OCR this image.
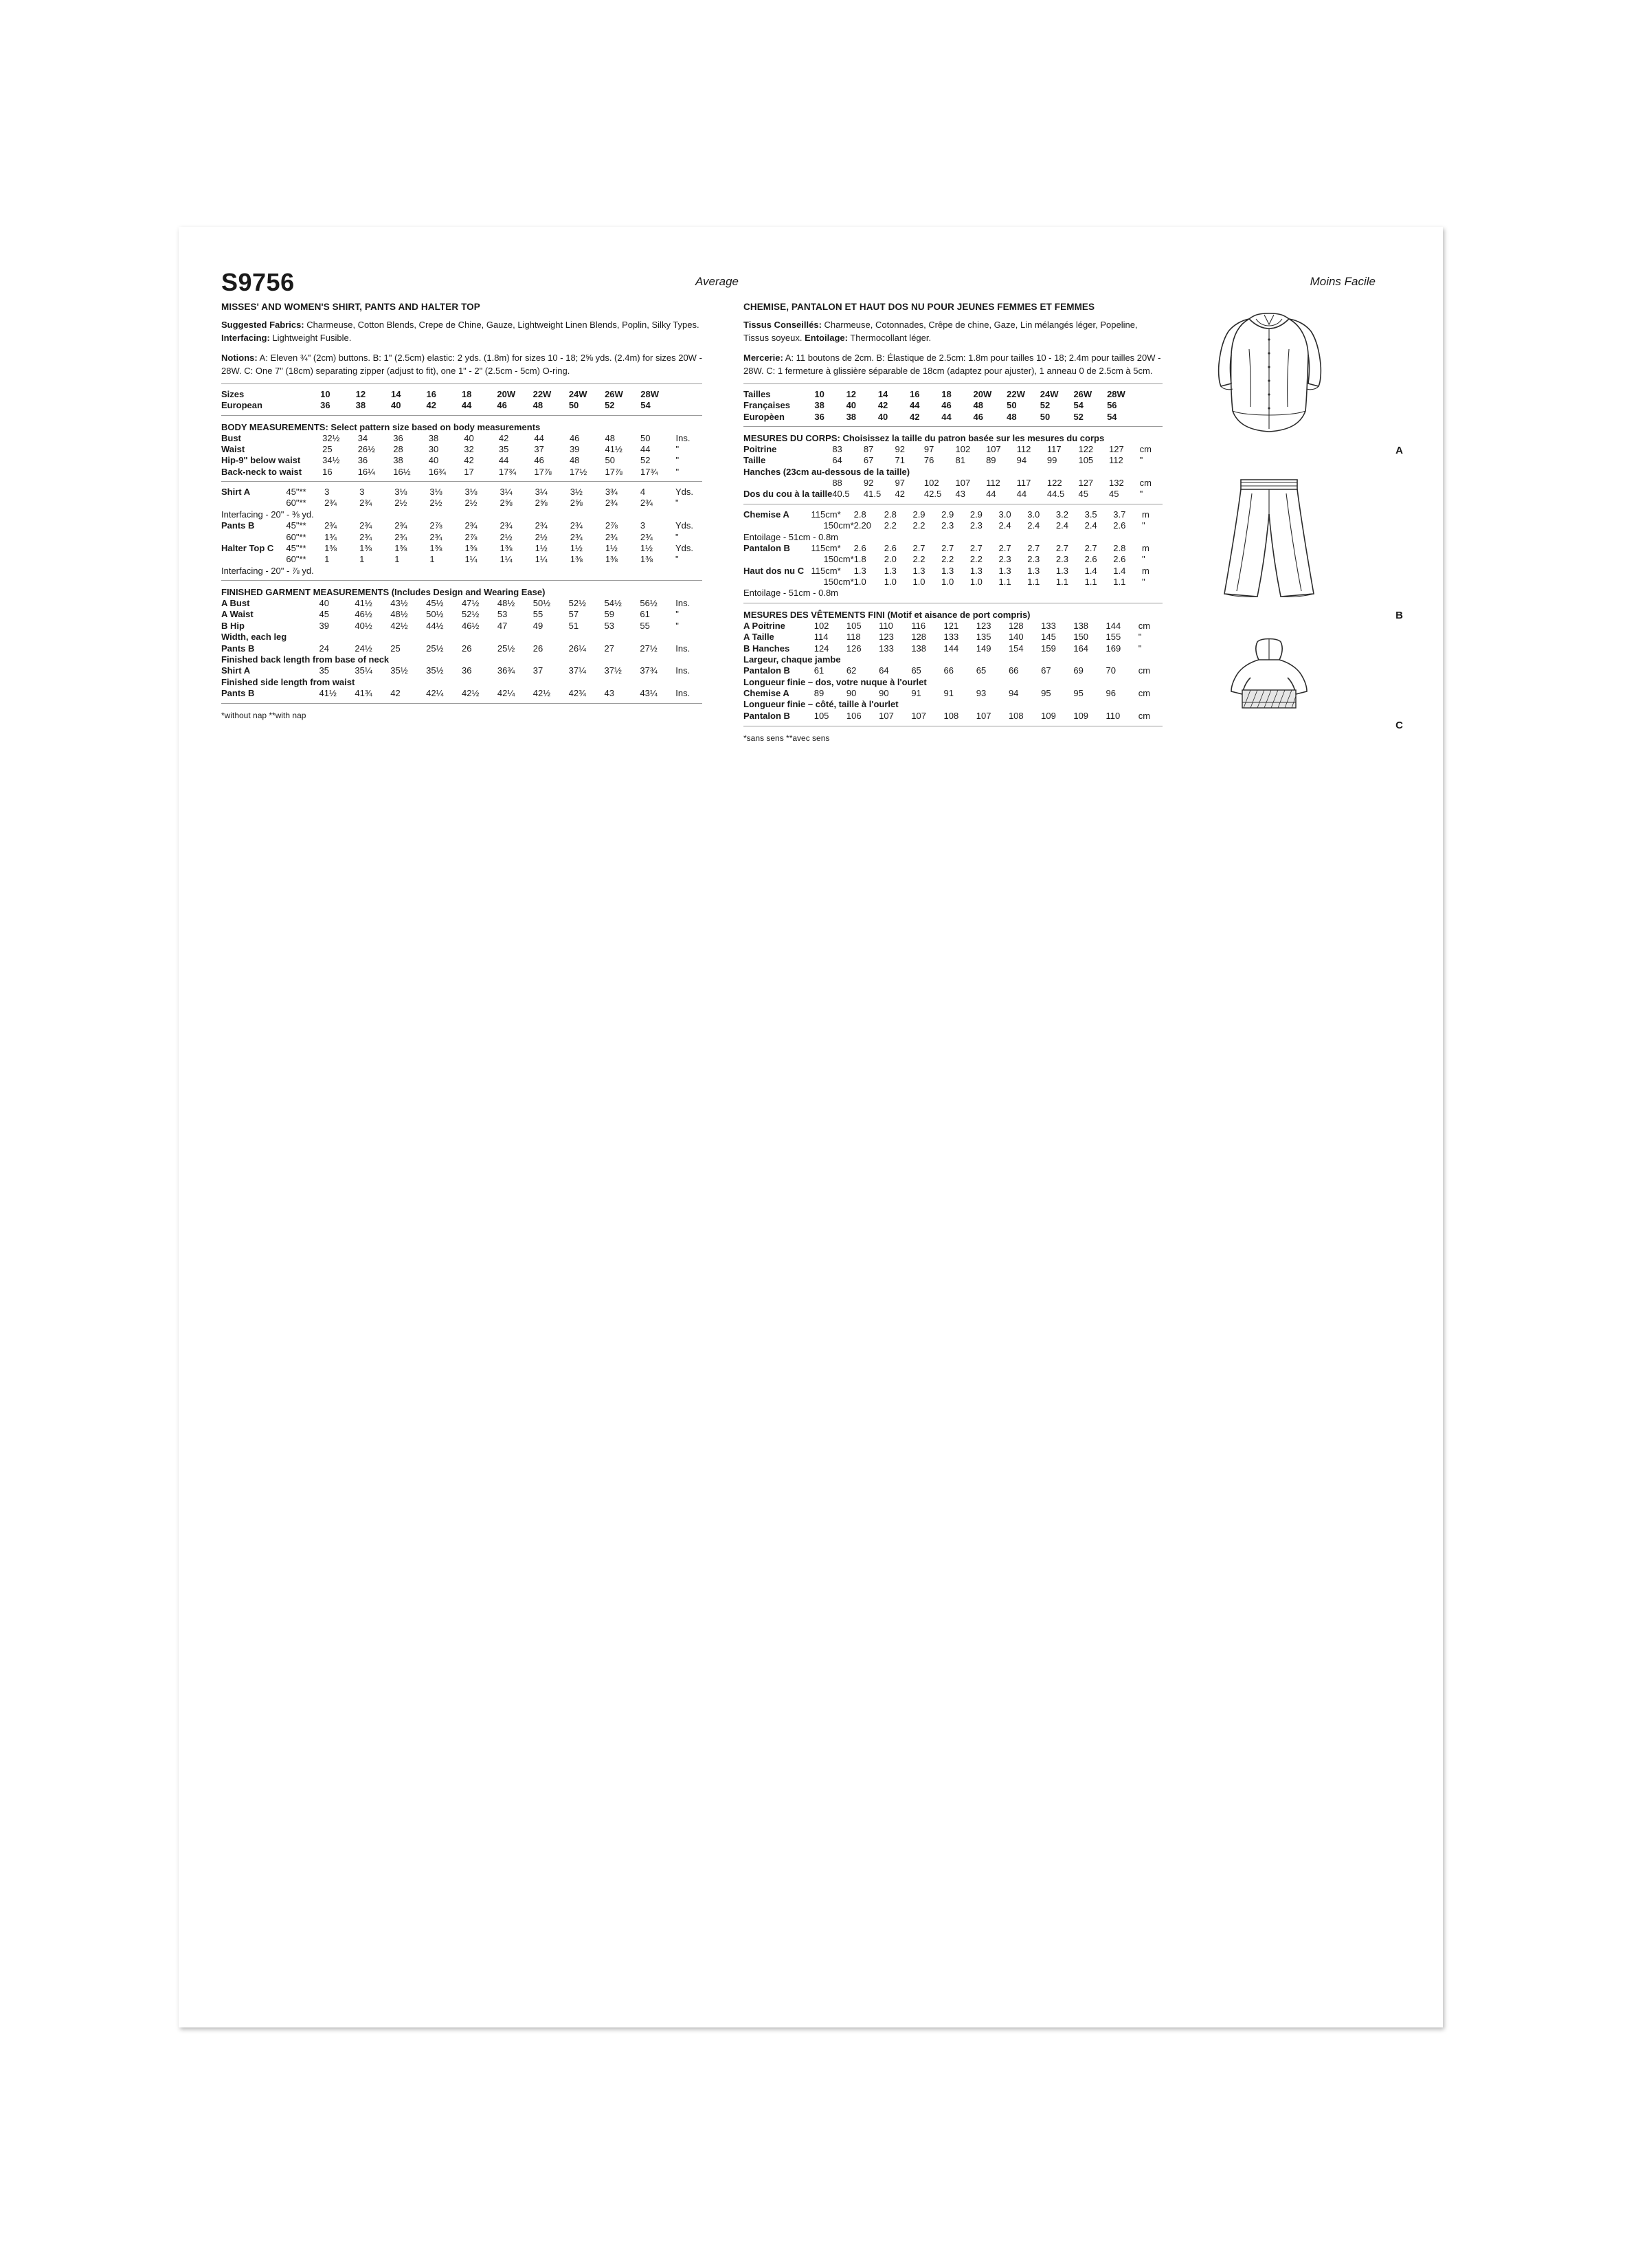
S9756	Average	Moins Facile
MISSES' AND WOMEN'S SHIRT, PANTS AND HALTER TOP

Suggested Fabrics: Charmeuse, Cotton Blends, Crepe de Chine, Gauze, Lightweight Linen Blends, Poplin, Silky Types. Interfacing: Lightweight Fusible.

Notions: A: Eleven ¾" (2cm) buttons. B: 1" (2.5cm) elastic: 2 yds. (1.8m) for sizes 10 - 18; 2⅝ yds. (2.4m) for sizes 20W - 28W. C: One 7" (18cm) separating zipper (adjust to fit), one 1" - 2" (2.5cm - 5cm) O-ring.

Sizes	10	12	14	16	18	20W	22W	24W	26W	28W	
European	36	38	40	42	44	46	48	50	52	54	
BODY MEASUREMENTS: Select pattern size based on body measurements
Bust	32½	34	36	38	40	42	44	46	48	50	Ins.
Waist	25	26½	28	30	32	35	37	39	41½	44	"
Hip-9" below waist	34½	36	38	40	42	44	46	48	50	52	"
Back-neck to waist	16	16¼	16½	16¾	17	17¾	17⅞	17½	17⅞	17¾	"
Shirt A	45"**	3	3	3⅛	3⅛	3⅛	3¼	3¼	3½	3¾	4	Yds.
	60"**	2¾	2¾	2½	2½	2½	2⅝	2⅝	2⅝	2¾	2¾	"
Interfacing - 20" - ⅜ yd.												
Pants B	45"**	2¾	2¾	2¾	2⅞	2¾	2¾	2¾	2¾	2⅞	3	Yds.
	60"**	1¾	2¾	2¾	2¾	2⅞	2½	2½	2¾	2¾	2¾	"
Halter Top C	45"**	1⅜	1⅜	1⅜	1⅜	1⅜	1⅜	1½	1½	1½	1½	Yds.
	60"**	1	1	1	1	1¼	1¼	1¼	1⅜	1⅜	1⅜	"
Interfacing - 20" - ⅞ yd.												
FINISHED GARMENT MEASUREMENTS (Includes Design and Wearing Ease)
A Bust	40	41½	43½	45½	47½	48½	50½	52½	54½	56½	Ins.
A Waist	45	46½	48½	50½	52½	53	55	57	59	61	"
B Hip	39	40½	42½	44½	46½	47	49	51	53	55	"
Width, each leg											
Pants B	24	24½	25	25½	26	25½	26	26¼	27	27½	Ins.
Finished back length from base of neck											
Shirt A	35	35¼	35½	35½	36	36¾	37	37¼	37½	37¾	Ins.
Finished side length from waist											
Pants B	41½	41¾	42	42¼	42½	42¼	42½	42¾	43	43¼	Ins.
*without nap **with nap
CHEMISE, PANTALON ET HAUT DOS NU POUR JEUNES FEMMES ET FEMMES

Tissus Conseillés: Charmeuse, Cotonnades, Crêpe de chine, Gaze, Lin mélangés léger, Popeline, Tissus soyeux. Entoilage: Thermocollant léger.

Mercerie: A: 11 boutons de 2cm. B: Élastique de 2.5cm: 1.8m pour tailles 10 - 18; 2.4m pour tailles 20W - 28W. C: 1 fermeture à glissière séparable de 18cm (adaptez pour ajuster), 1 anneau 0 de 2.5cm à 5cm.

Tailles	10	12	14	16	18	20W	22W	24W	26W	28W	
Françaises	38	40	42	44	46	48	50	52	54	56	
Europèen	36	38	40	42	44	46	48	50	52	54	
MESURES DU CORPS: Choisissez la taille du patron basée sur les mesures du corps
Poitrine	83	87	92	97	102	107	112	117	122	127	cm
Taille	64	67	71	76	81	89	94	99	105	112	"
Hanches (23cm au-dessous de la taille)											
	88	92	97	102	107	112	117	122	127	132	cm
Dos du cou à la taille	40.5	41.5	42	42.5	43	44	44	44.5	45	45	"
Chemise A	115cm*	2.8	2.8	2.9	2.9	2.9	3.0	3.0	3.2	3.5	3.7	m
	150cm*	2.20	2.2	2.2	2.3	2.3	2.4	2.4	2.4	2.4	2.6	"
Entoilage - 51cm - 0.8m												
Pantalon B	115cm*	2.6	2.6	2.7	2.7	2.7	2.7	2.7	2.7	2.7	2.8	m
	150cm*	1.8	2.0	2.2	2.2	2.2	2.3	2.3	2.3	2.6	2.6	"
Haut dos nu C	115cm*	1.3	1.3	1.3	1.3	1.3	1.3	1.3	1.3	1.4	1.4	m
	150cm*	1.0	1.0	1.0	1.0	1.0	1.1	1.1	1.1	1.1	1.1	"
Entoilage - 51cm - 0.8m												
MESURES DES VÊTEMENTS FINI (Motif et aisance de port compris)
A Poitrine	102	105	110	116	121	123	128	133	138	144	cm
A Taille	114	118	123	128	133	135	140	145	150	155	"
B Hanches	124	126	133	138	144	149	154	159	164	169	"
Largeur, chaque jambe											
Pantalon B	61	62	64	65	66	65	66	67	69	70	cm
Longueur finie – dos, votre nuque à l'ourlet											
Chemise A	89	90	90	91	91	93	94	95	95	96	cm
Longueur finie – côté, taille à l'ourlet											
Pantalon B	105	106	107	107	108	107	108	109	109	110	cm
*sans sens **avec sens
A
B
C
